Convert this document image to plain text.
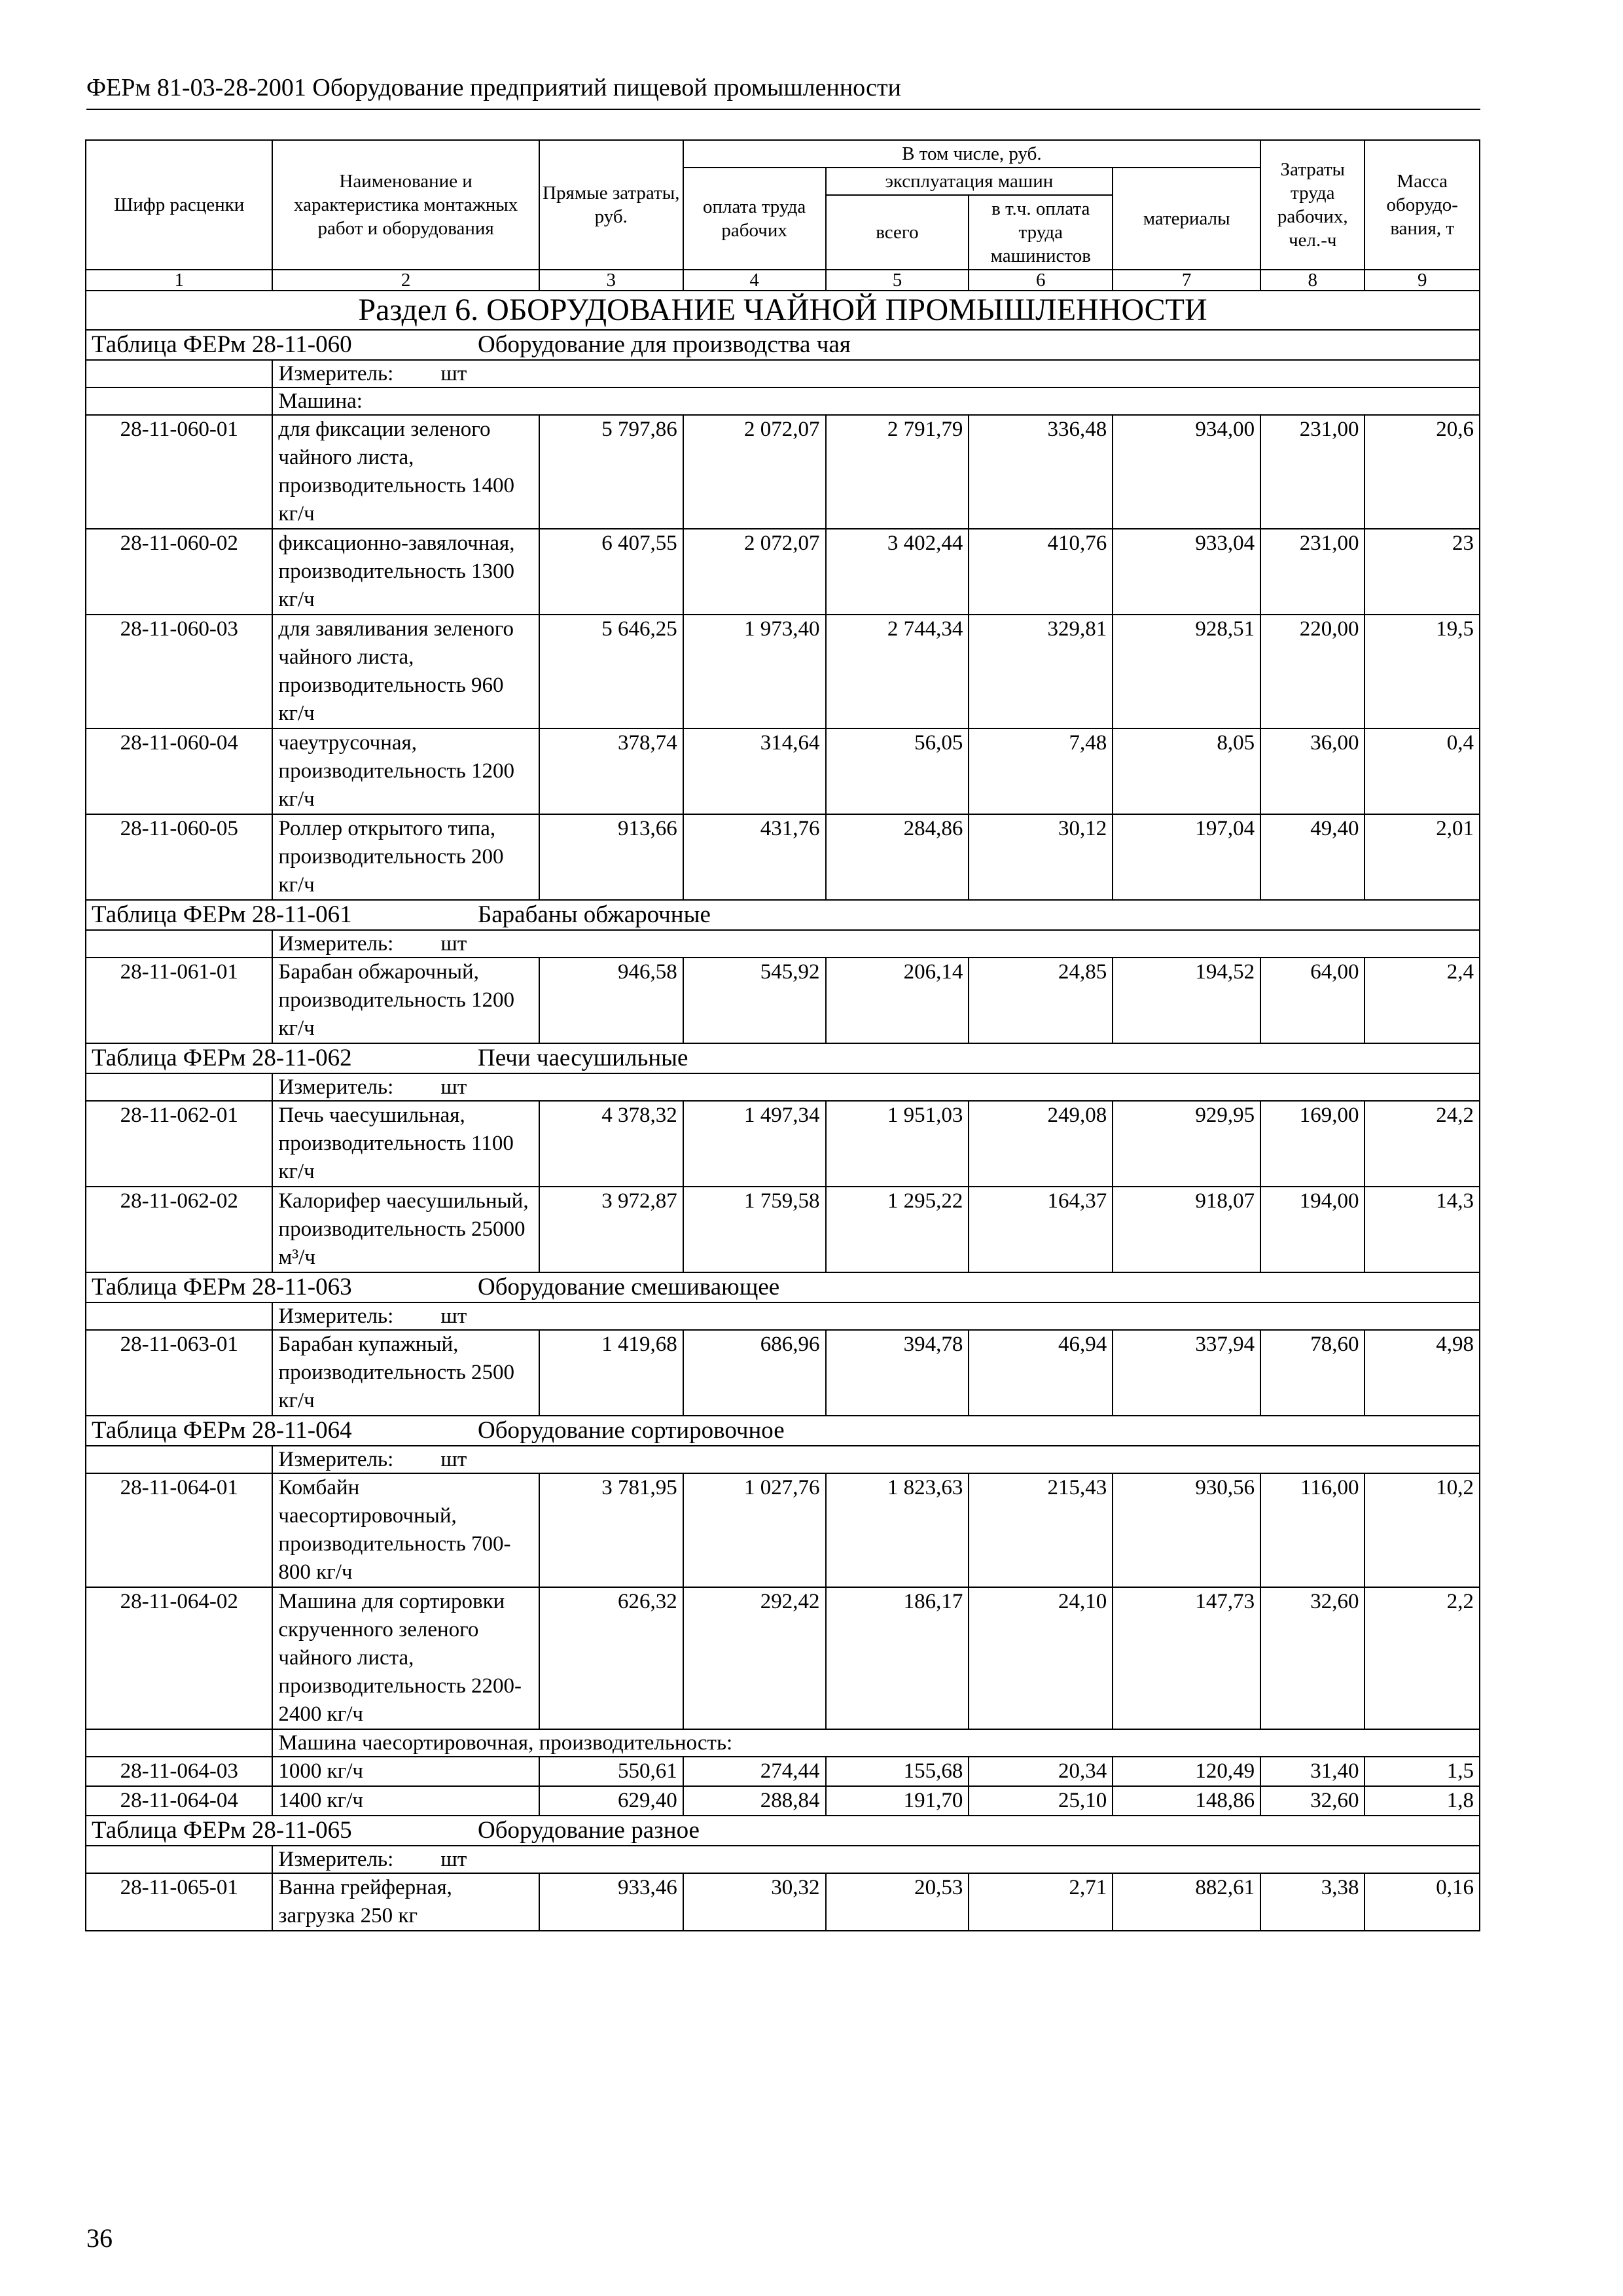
ФЕРм 81-03-28-2001 Оборудование предприятий пищевой промышленности
Шифр расценки	Наименование и характеристика монтажных работ и оборудования	Прямые затраты, руб.	В том числе, руб.				Затраты труда рабочих, чел.-ч	Масса оборудо-вания, т
			оплата труда рабочих	эксплуатация машин		материалы		
				всего	в т.ч. оплата труда машинистов			
1	2	3	4	5	6	7	8	9
Раздел 6. ОБОРУДОВАНИЕ ЧАЙНОЙ ПРОМЫШЛЕННОСТИ								
Таблица ФЕРм 28-11-060 Оборудование для производства чая								
	Измеритель: шт							
	Машина:							
28-11-060-01	для фиксации зеленого чайного листа, производительность 1400 кг/ч	5 797,86	2 072,07	2 791,79	336,48	934,00	231,00	20,6
28-11-060-02	фиксационно-завялочная, производительность 1300 кг/ч	6 407,55	2 072,07	3 402,44	410,76	933,04	231,00	23
28-11-060-03	для завяливания зеленого чайного листа, производительность 960 кг/ч	5 646,25	1 973,40	2 744,34	329,81	928,51	220,00	19,5
28-11-060-04	чаеутрусочная, производительность 1200 кг/ч	378,74	314,64	56,05	7,48	8,05	36,00	0,4
28-11-060-05	Роллер открытого типа, производительность 200 кг/ч	913,66	431,76	284,86	30,12	197,04	49,40	2,01
Таблица ФЕРм 28-11-061 Барабаны обжарочные								
	Измеритель: шт							
28-11-061-01	Барабан обжарочный, производительность 1200 кг/ч	946,58	545,92	206,14	24,85	194,52	64,00	2,4
Таблица ФЕРм 28-11-062 Печи чаесушильные								
	Измеритель: шт							
28-11-062-01	Печь чаесушильная, производительность 1100 кг/ч	4 378,32	1 497,34	1 951,03	249,08	929,95	169,00	24,2
28-11-062-02	Калорифер чаесушильный, производительность 25000 м³/ч	3 972,87	1 759,58	1 295,22	164,37	918,07	194,00	14,3
Таблица ФЕРм 28-11-063 Оборудование смешивающее								
	Измеритель: шт							
28-11-063-01	Барабан купажный, производительность 2500 кг/ч	1 419,68	686,96	394,78	46,94	337,94	78,60	4,98
Таблица ФЕРм 28-11-064 Оборудование сортировочное								
	Измеритель: шт							
28-11-064-01	Комбайн чаесортировочный, производительность 700-800 кг/ч	3 781,95	1 027,76	1 823,63	215,43	930,56	116,00	10,2
28-11-064-02	Машина для сортировки скрученного зеленого чайного листа, производительность 2200-2400 кг/ч	626,32	292,42	186,17	24,10	147,73	32,60	2,2
	Машина чаесортировочная, производительность:							
28-11-064-03	1000 кг/ч	550,61	274,44	155,68	20,34	120,49	31,40	1,5
28-11-064-04	1400 кг/ч	629,40	288,84	191,70	25,10	148,86	32,60	1,8
Таблица ФЕРм 28-11-065 Оборудование разное								
	Измеритель: шт							
28-11-065-01	Ванна грейферная, загрузка 250 кг	933,46	30,32	20,53	2,71	882,61	3,38	0,16
36
